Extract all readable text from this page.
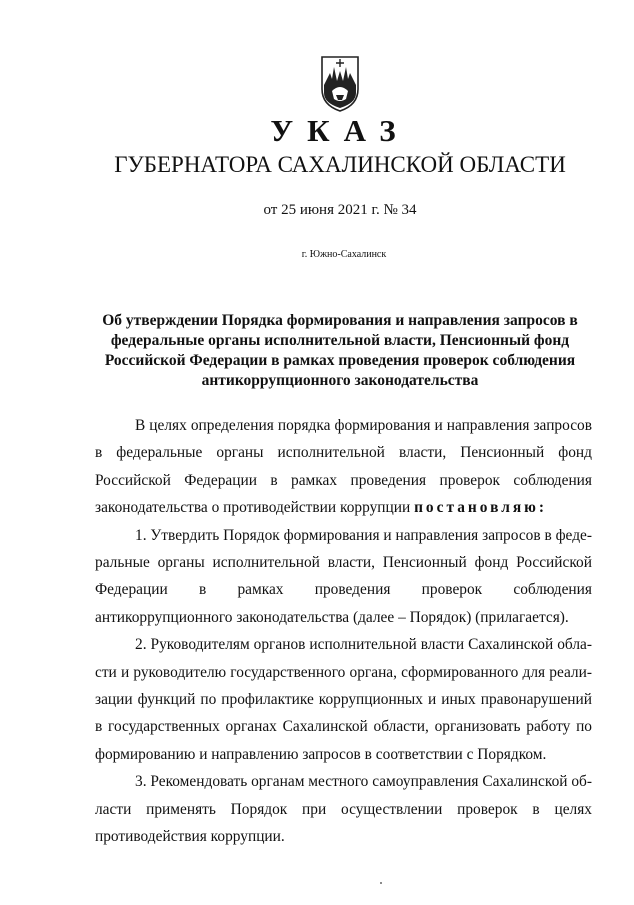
УКАЗ
ГУБЕРНАТОРА САХАЛИНСКОЙ ОБЛАСТИ
от 25 июня 2021 г. № 34
г. Южно-Сахалинск
Об утверждении Порядка формирования и направления запросов в
федеральные органы исполнительной власти, Пенсионный фонд
Российской Федерации в рамках проведения проверок соблюдения
антикоррупционного законодательства

В целях определения порядка формирования и направления запросов в федеральные органы исполнительной власти, Пенсионный фонд Российской Федерации в рамках проведения проверок соблюдения законодательства о противодействии коррупции постановляю:

1. Утвердить Порядок формирования и направления запросов в федеральные органы исполнительной власти, Пенсионный фонд Российской Федерации в рамках проведения проверок соблюдения антикоррупционного законодательства (далее – Порядок) (прилагается).

2. Руководителям органов исполнительной власти Сахалинской области и руководителю государственного органа, сформированного для реализации функций по профилактике коррупционных и иных правонарушений в государственных органах Сахалинской области, организовать работу по формированию и направлению запросов в соответствии с Порядком.

3. Рекомендовать органам местного самоуправления Сахалинской области применять Порядок при осуществлении проверок в целях противодействия коррупции.
